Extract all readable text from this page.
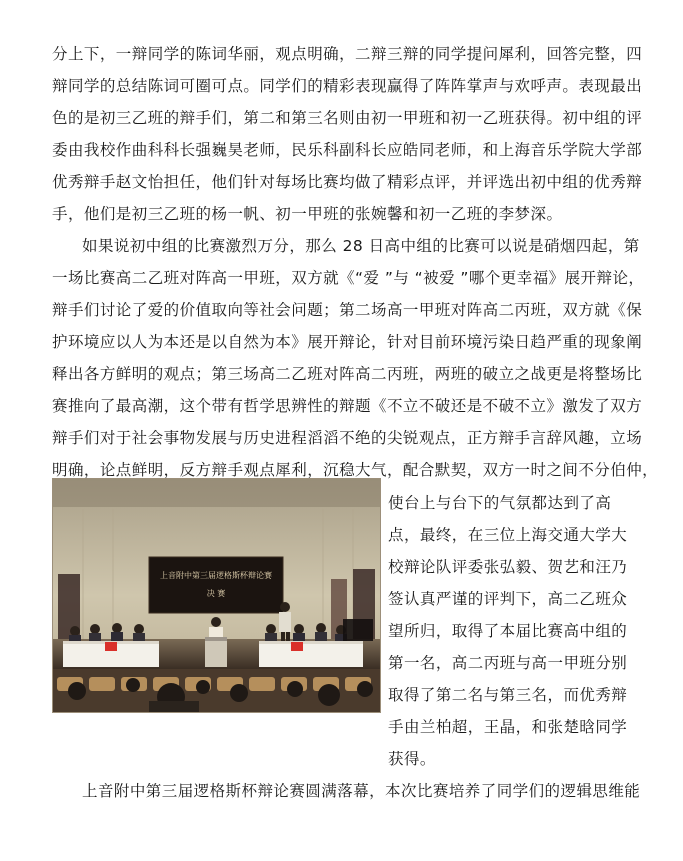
分上下，一辩同学的陈词华丽，观点明确，二辩三辩的同学提问犀利，回答完整，四
辩同学的总结陈词可圈可点。同学们的精彩表现赢得了阵阵掌声与欢呼声。表现最出
色的是初三乙班的辩手们，第二和第三名则由初一甲班和初一乙班获得。初中组的评
委由我校作曲科科长强巍昊老师，民乐科副科长应皓同老师，和上海音乐学院大学部
优秀辩手赵文怡担任，他们针对每场比赛均做了精彩点评，并评选出初中组的优秀辩
手，他们是初三乙班的杨一帆、初一甲班的张婉馨和初一乙班的李梦深。
如果说初中组的比赛激烈万分，那么 28 日高中组的比赛可以说是硝烟四起，第
一场比赛高二乙班对阵高一甲班，双方就《“爱 ”与 “被爱 ”哪个更幸福》展开辩论，
辩手们讨论了爱的价值取向等社会问题；第二场高一甲班对阵高二丙班，双方就《保
护环境应以人为本还是以自然为本》展开辩论，针对目前环境污染日趋严重的现象阐
释出各方鲜明的观点；第三场高二乙班对阵高二丙班，两班的破立之战更是将整场比
赛推向了最高潮，这个带有哲学思辨性的辩题《不立不破还是不破不立》激发了双方
辩手们对于社会事物发展与历史进程滔滔不绝的尖锐观点，正方辩手言辞风趣，立场
明确，论点鲜明，反方辩手观点犀利，沉稳大气，配合默契，双方一时之间不分伯仲，
使台上与台下的气氛都达到了高
点，最终，在三位上海交通大学大
校辩论队评委张弘毅、贺艺和汪乃
签认真严谨的评判下，高二乙班众
望所归，取得了本届比赛高中组的
第一名，高二丙班与高一甲班分别
取得了第二名与第三名，而优秀辩
手由兰柏超，王晶，和张楚晗同学
获得。
上音附中第三届逻格斯杯辩论赛圆满落幕，本次比赛培养了同学们的逻辑思维能
上音附中第三届逻格斯杯辩论赛
决 赛
